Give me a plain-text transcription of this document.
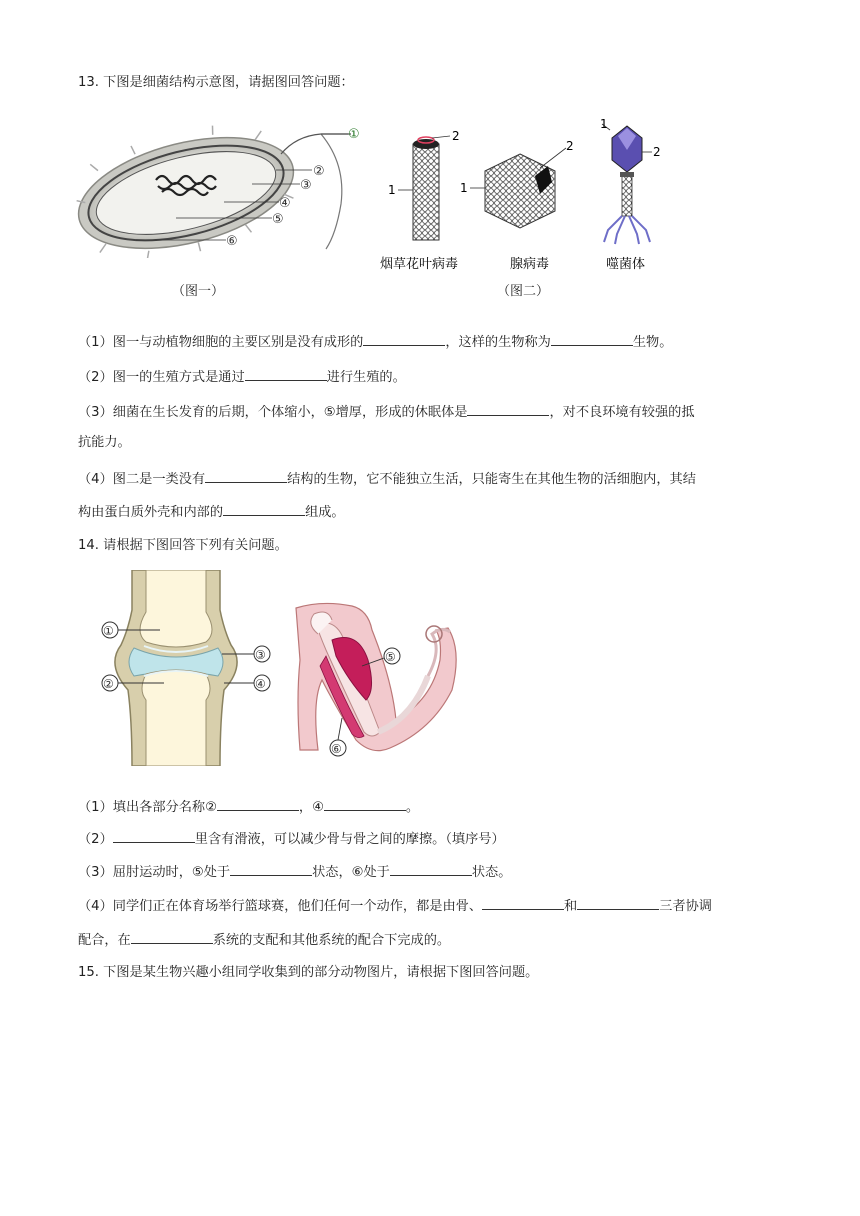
13. 下图是细菌结构示意图，请据图回答问题：
①
②
③
④
⑤
⑥
（图一）
2
1
2
1
1
2
烟草花叶病毒	腺病毒	噬菌体
（图二）
（1）图一与动植物细胞的主要区别是没有成形的	，这样的生物称为	生物。
（2）图一的生殖方式是通过	进行生殖的。
（3）细菌在生长发育的后期，个体缩小，⑤增厚，形成的休眠体是	，对不良环境有较强的抵
抗能力。
（4）图二是一类没有	结构的生物，它不能独立生活，只能寄生在其他生物的活细胞内，其结
构由蛋白质外壳和内部的	组成。
14. 请根据下图回答下列有关问题。
①
②
③
④
⑤
⑥
（1）填出各部分名称②	，④	。
（2）	里含有滑液，可以减少骨与骨之间的摩擦。（填序号）
（3）屈肘运动时，⑤处于	状态，⑥处于	状态。
（4）同学们正在体育场举行篮球赛，他们任何一个动作，都是由骨、	和	三者协调
配合，在	系统的支配和其他系统的配合下完成的。
15. 下图是某生物兴趣小组同学收集到的部分动物图片，请根据下图回答问题。
